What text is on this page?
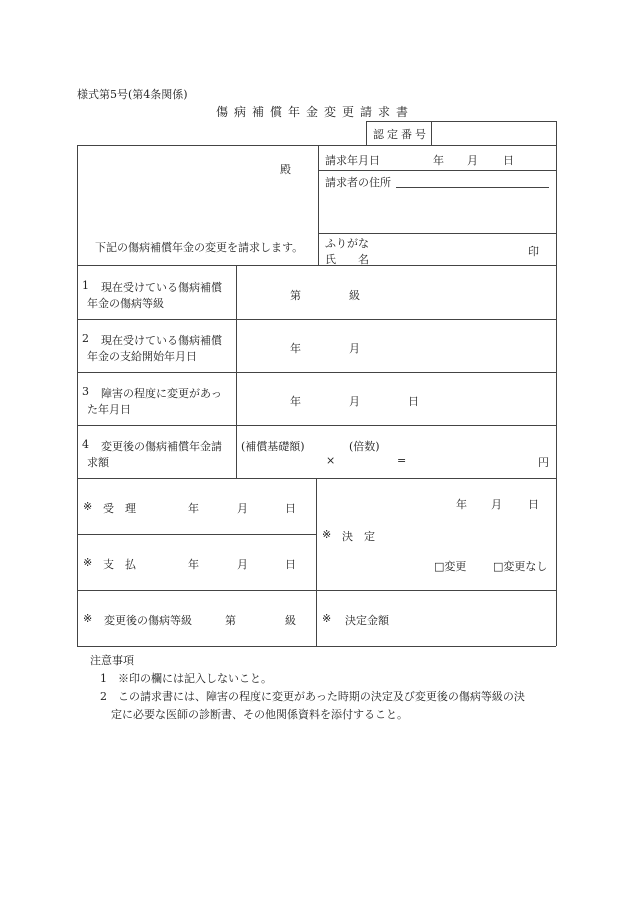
様式第5号(第4条関係)
傷病補償年金変更請求書
認定番号
殿
下記の傷病補償年金の変更を請求します。
請求年月日	年 月 日
請求者の住所
ふりがな
氏　　名
印
1 現在受けている傷病補償
年金の傷病等級
第	級
2 現在受けている傷病補償
年金の支給開始年月日
年	月
3 障害の程度に変更があっ
た年月日
年	月	日
4 変更後の傷病補償年金請
求額
(補償基礎額)	(倍数)
×	=	円
※ 受　理	年	月	日
※ 支　払	年	月	日
年 月 日
※ 決　定
□変更 □変更なし
※ 変更後の傷病等級	第	級 ※ 決定金額
注意事項
1　※印の欄には記入しないこと。
2　この請求書には、障害の程度に変更があった時期の決定及び変更後の傷病等級の決
定に必要な医師の診断書、その他関係資料を添付すること。
